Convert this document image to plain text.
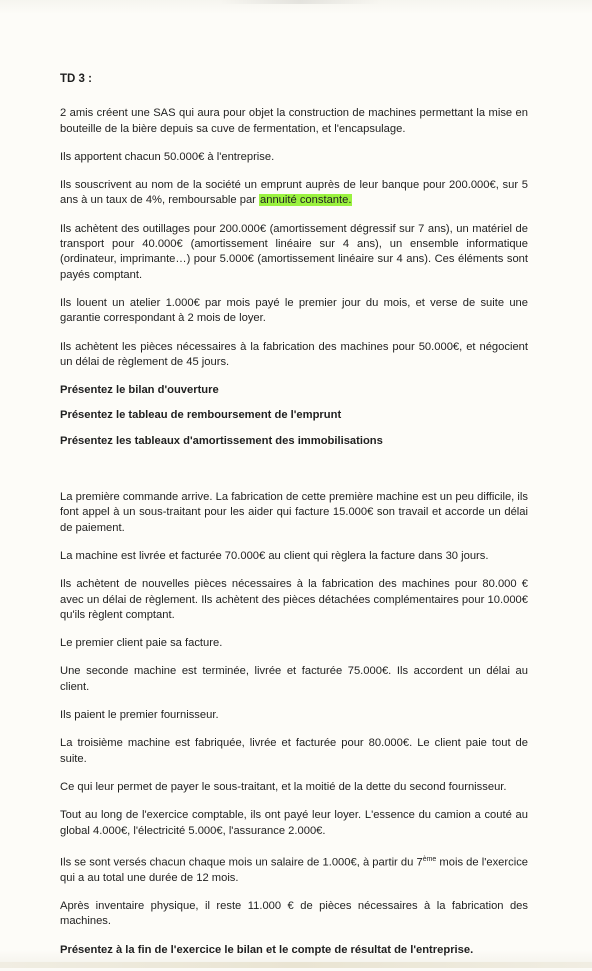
TD 3 :

2 amis créent une SAS qui aura pour objet la construction de machines permettant la mise en bouteille de la bière depuis sa cuve de fermentation, et l'encapsulage.

Ils apportent chacun 50.000€ à l'entreprise.

Ils souscrivent au nom de la société un emprunt auprès de leur banque pour 200.000€, sur 5 ans à un taux de 4%, remboursable par annuité constante.

Ils achètent des outillages pour 200.000€ (amortissement dégressif sur 7 ans), un matériel de transport pour 40.000€ (amortissement linéaire sur 4 ans), un ensemble informatique (ordinateur, imprimante…) pour 5.000€ (amortissement linéaire sur 4 ans). Ces éléments sont payés comptant.

Ils louent un atelier 1.000€ par mois payé le premier jour du mois, et verse de suite une garantie correspondant à 2 mois de loyer.

Ils achètent les pièces nécessaires à la fabrication des machines pour 50.000€, et négocient un délai de règlement de 45 jours.

Présentez le bilan d'ouverture

Présentez le tableau de remboursement de l'emprunt

Présentez les tableaux d'amortissement des immobilisations

La première commande arrive. La fabrication de cette première machine est un peu difficile, ils font appel à un sous-traitant pour les aider qui facture 15.000€ son travail et accorde un délai de paiement.

La machine est livrée et facturée 70.000€ au client qui règlera la facture dans 30 jours.

Ils achètent de nouvelles pièces nécessaires à la fabrication des machines pour 80.000 € avec un délai de règlement. Ils achètent des pièces détachées complémentaires pour 10.000€ qu'ils règlent comptant.

Le premier client paie sa facture.

Une seconde machine est terminée, livrée et facturée 75.000€. Ils accordent un délai au client.

Ils paient le premier fournisseur.

La troisième machine est fabriquée, livrée et facturée pour 80.000€. Le client paie tout de suite.

Ce qui leur permet de payer le sous-traitant, et la moitié de la dette du second fournisseur.

Tout au long de l'exercice comptable, ils ont payé leur loyer. L'essence du camion a couté au global 4.000€, l'électricité 5.000€, l'assurance 2.000€.

Ils se sont versés chacun chaque mois un salaire de 1.000€, à partir du 7ème mois de l'exercice qui a au total une durée de 12 mois.

Après inventaire physique, il reste 11.000 € de pièces nécessaires à la fabrication des machines.

Présentez à la fin de l'exercice le bilan et le compte de résultat de l'entreprise.
